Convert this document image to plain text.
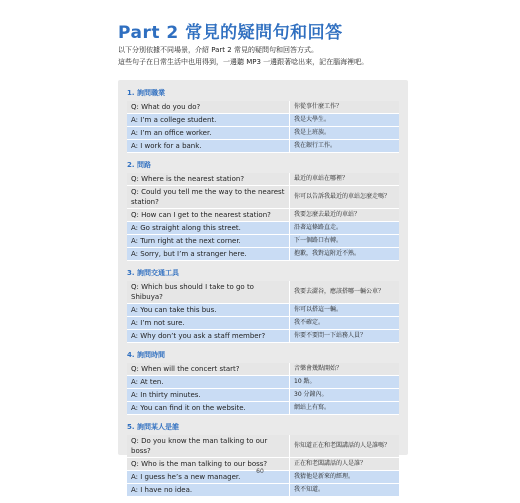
Part 2 常見的疑問句和回答
以下分別依據不同場景，介紹 Part 2 常見的疑問句和回答方式。
這些句子在日常生活中也用得到，一邊聽 MP3 一邊跟著唸出來，記在腦海裡吧。
1. 詢問職業
Q: What do you do?	你從事什麼工作？
A: I’m a college student.	我是大學生。
A: I’m an office worker.	我是上班族。
A: I work for a bank.	我在銀行工作。
2. 問路
Q: Where is the nearest station?	最近的車站在哪裡？
Q: Could you tell me the way to the nearest station?
你可以告訴我最近的車站怎麼走嗎？
Q: How can I get to the nearest station?	我要怎麼去最近的車站？
A: Go straight along this street.	沿著這條路直走。
A: Turn right at the next corner.	下一個路口右轉。
A: Sorry, but I’m a stranger here.	抱歉，我對這附近不熟。
3. 詢問交通工具
Q: Which bus should I take to go to Shibuya?
我要去澀谷，應該搭哪一輛公車？
A: You can take this bus.	你可以搭這一輛。
A: I’m not sure.	我不確定。
A: Why don’t you ask a staff member?	你要不要問一下站務人員？
4. 詢問時間
Q: When will the concert start?	音樂會幾點開始？
A: At ten.	10 點。
A: In thirty minutes.	30 分鐘內。
A: You can find it on the website.	網站上有寫。
5. 詢問某人是誰
Q: Do you know the man talking to our boss?
你知道正在和老闆講話的人是誰嗎？
Q: Who is the man talking to our boss?	正在和老闆講話的人是誰？
A: I guess he’s a new manager.	我猜他是新來的經理。
A: I have no idea.	我不知道。
60
